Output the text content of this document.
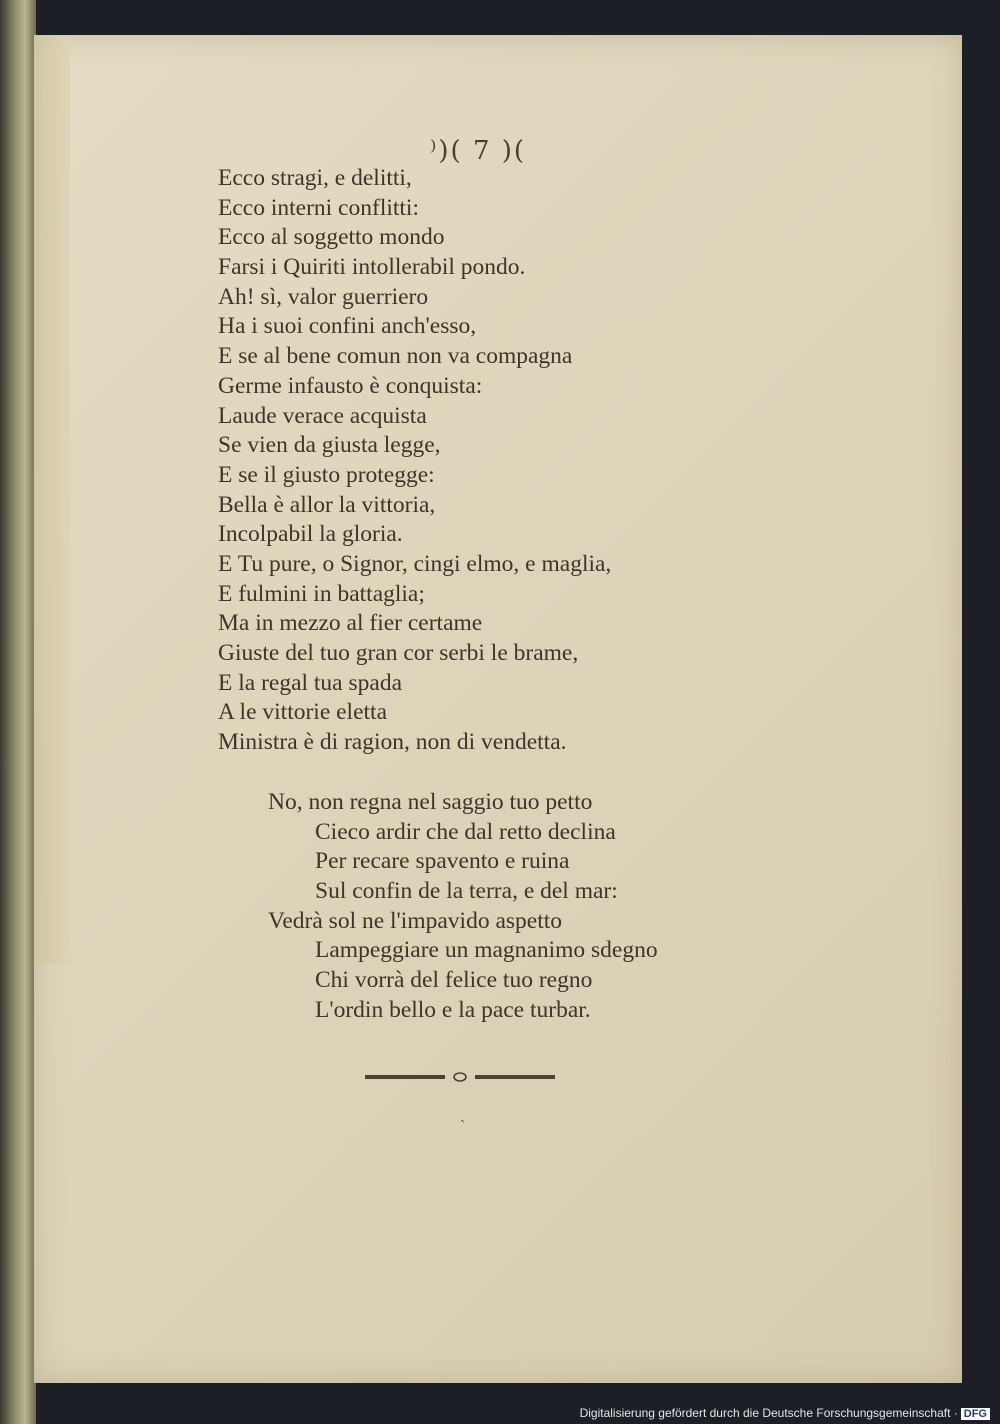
⁾)( 7 )(
Ecco stragi, e delitti,
Ecco interni conflitti:
Ecco al soggetto mondo
Farsi i Quiriti intollerabil pondo.
Ah! sì, valor guerriero
Ha i suoi confini anch'esso,
E se al bene comun non va compagna
Germe infausto è conquista:
Laude verace acquista
Se vien da giusta legge,
E se il giusto protegge:
Bella è allor la vittoria,
Incolpabil la gloria.
E Tu pure, o Signor, cingi elmo, e maglia,
E fulmini in battaglia;
Ma in mezzo al fier certame
Giuste del tuo gran cor serbi le brame,
E la regal tua spada
A le vittorie eletta
Ministra è di ragion, non di vendetta.
No, non regna nel saggio tuo petto
Cieco ardir che dal retto declina
Per recare spavento e ruina
Sul confin de la terra, e del mar:
Vedrà sol ne l'impavido aspetto
Lampeggiare un magnanimo sdegno
Chi vorrà del felice tuo regno
L'ordin bello e la pace turbar.
ˎ
Digitalisierung gefördert durch die Deutsche Forschungsgemeinschaft · DFG
